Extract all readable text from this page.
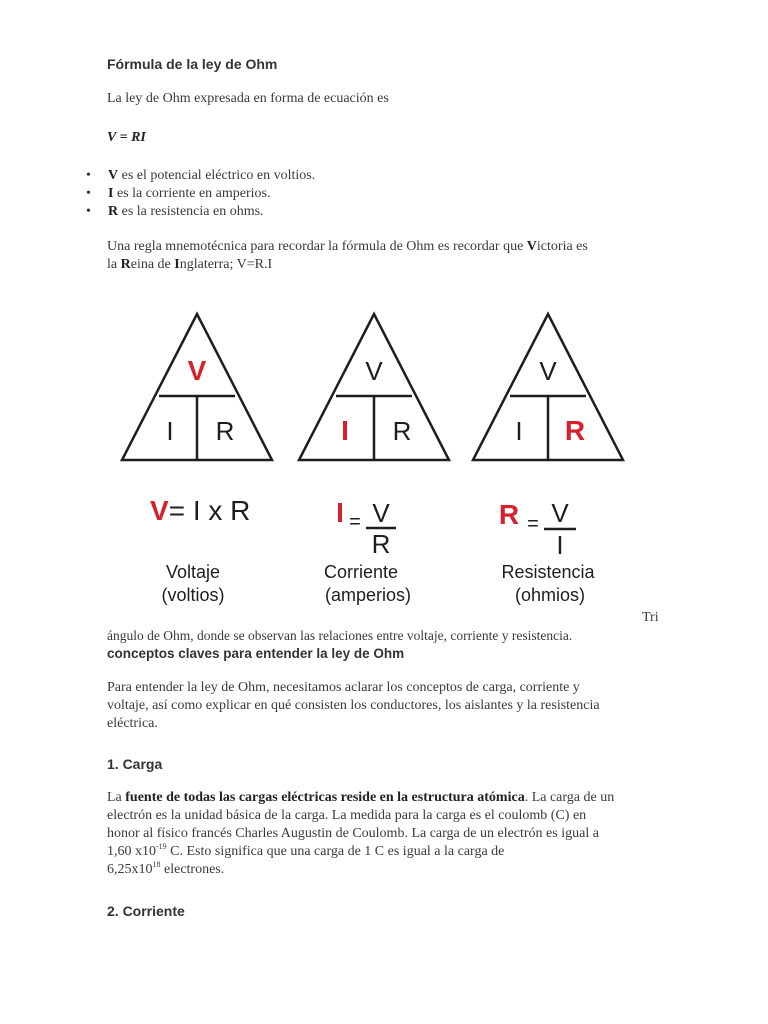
Fórmula de la ley de Ohm
La ley de Ohm expresada en forma de ecuación es
V = RI
• V es el potencial eléctrico en voltios.
• I es la corriente en amperios.
• R es la resistencia en ohms.
Una regla mnemotécnica para recordar la fórmula de Ohm es recordar que Victoria es
la Reina de Inglaterra; V=R.I
V
I R
V
I R
V
I R
V= I x R	I = V
R
R = V
I
Voltaje
(voltios)
Corriente
(amperios)
Resistencia
(ohmios)
Tri
ángulo de Ohm, donde se observan las relaciones entre voltaje, corriente y resistencia.
conceptos claves para entender la ley de Ohm
Para entender la ley de Ohm, necesitamos aclarar los conceptos de carga, corriente y
voltaje, así como explicar en qué consisten los conductores, los aislantes y la resistencia
eléctrica.
1. Carga
La fuente de todas las cargas eléctricas reside en la estructura atómica. La carga de un
electrón es la unidad básica de la carga. La medida para la carga es el coulomb (C) en
honor al físico francés Charles Augustin de Coulomb. La carga de un electrón es igual a
1,60 $x10^{-19}$ C. Esto significa que una carga de 1 C es igual a la carga de
$6,25x10^{18}$ electrones.
2. Corriente
